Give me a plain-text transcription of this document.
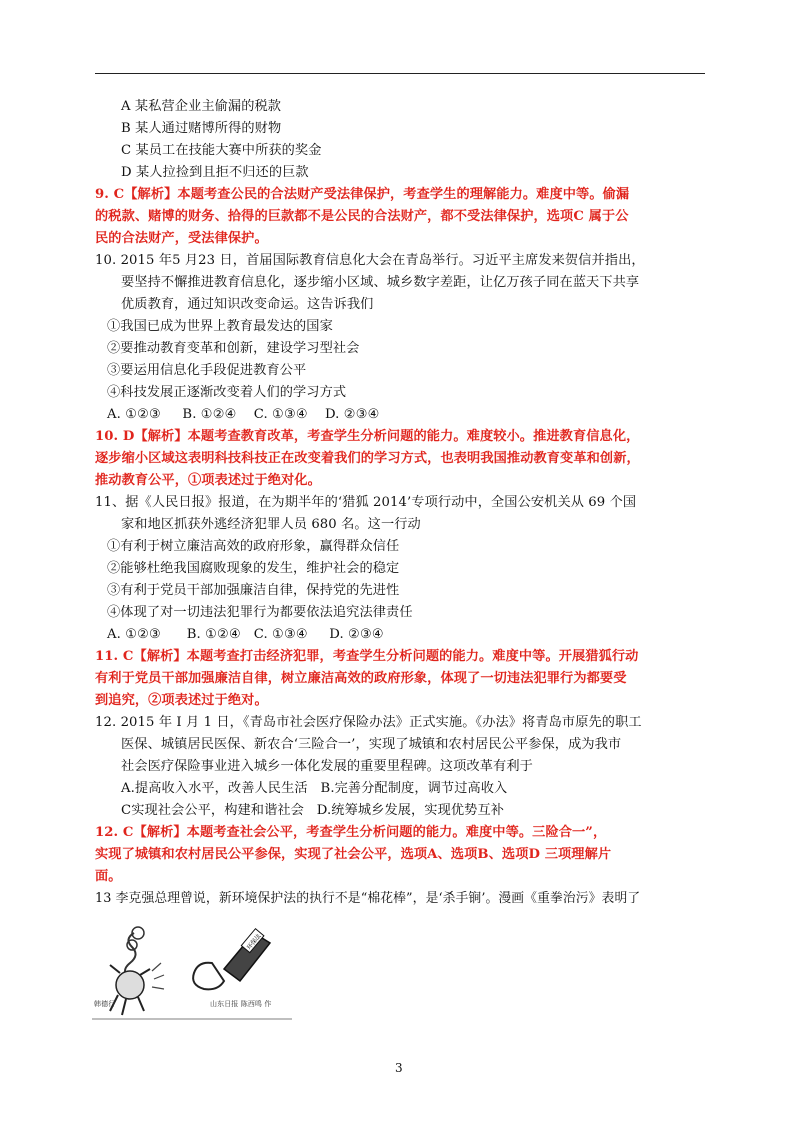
A 某私营企业主偷漏的税款
B 某人通过赌博所得的财物
C 某员工在技能大赛中所获的奖金
D 某人拉捡到且拒不归还的巨款
9. C【解析】本题考查公民的合法财产受法律保护，考查学生的理解能力。难度中等。偷漏
的税款、赌博的财务、拾得的巨款都不是公民的合法财产，都不受法律保护，选项C 属于公
民的合法财产，受法律保护。
10. 2015 年5 月23 日，首届国际教育信息化大会在青岛举行。习近平主席发来贺信并指出，
要坚持不懈推进教育信息化，逐步缩小区域、城乡数字差距，让亿万孩子同在蓝天下共享
优质教育，通过知识改变命运。这告诉我们
①我国已成为世界上教育最发达的国家
②要推动教育变革和创新，建设学习型社会
③要运用信息化手段促进教育公平
④科技发展正逐渐改变着人们的学习方式
A. ①②③     B. ①②④    C. ①③④    D. ②③④
10. D【解析】本题考查教育改革，考查学生分析问题的能力。难度较小。推进教育信息化，
逐步缩小区域这表明科技科技正在改变着我们的学习方式，也表明我国推动教育变革和创新，
推动教育公平，①项表述过于绝对化。
11、据《人民日报》报道，在为期半年的‘猎狐 2014’专项行动中，全国公安机关从 69 个国
家和地区抓获外逃经济犯罪人员 680 名。这一行动
①有利于树立廉洁高效的政府形象，赢得群众信任
②能够杜绝我国腐败现象的发生，维护社会的稳定
③有利于党员干部加强廉洁自律，保持党的先进性
④体现了对一切违法犯罪行为都要依法追究法律责任
A. ①②③      B. ①②④   C. ①③④     D. ②③④
11. C【解析】本题考查打击经济犯罪，考查学生分析问题的能力。难度中等。开展猎狐行动
有利于党员干部加强廉洁自律，树立廉洁高效的政府形象，体现了一切违法犯罪行为都要受
到追究，②项表述过于绝对。
12. 2015 年 I 月 1 日，《青岛市社会医疗保险办法》正式实施。《办法》将青岛市原先的职工
医保、城镇居民医保、新农合‘三险合一’，实现了城镇和农村居民公平参保，成为我市
社会医疗保险事业进入城乡一体化发展的重要里程碑。这项改革有利于
A.提高收入水平，改善人民生活   B.完善分配制度，调节过高收入
C实现社会公平，构建和谐社会   D.统筹城乡发展，实现优势互补
12. C【解析】本题考查社会公平，考查学生分析问题的能力。难度中等。三险合一”，
实现了城镇和农村居民公平参保，实现了社会公平，选项A、选项B、选项D 三项理解片
面。
13 李克强总理曾说，新环境保护法的执行不是“棉花棒”，是‘杀手锏’。漫画《重拳治污》表明了
环保法
韩德行	山东日报 陈西鸣 作
3
